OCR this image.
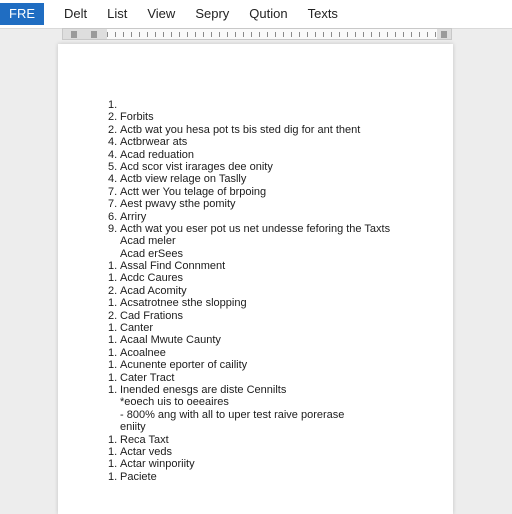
FRE	Delt	List	View	Sepry	Qution	Texts
1.
2. Forbits
2. Actb wat you hesa pot ts bis sted dig for ant thent
4. Actbrwear ats
4. Acad reduation
5. Acd scor vist irarages dee onity
4. Actb view relage on Taslly
7. Actt wer You telage of brpoing
7. Aest pwavy sthe pomity
6. Arriry
9. Acth wat you eser pot us net undesse feforing the Taxts
Acad meler
Acad erSees
1. Assal Find Connment
1. Acdc Caures
2. Acad Acomity
1. Acsatrotnee sthe slopping
2. Cad Frations
1. Canter
1. Acaal Mwute Caunty
1. Acoalnee
1. Acunente eporter of caility
1. Cater Tract
1. Inended enesgs are diste Cennilts
*eoech uis to oeeaires
- 800% ang with all to uper test raive porerase
eniity
1. Reca Taxt
1. Actar veds
1. Actar winporiity
1. Paciete
